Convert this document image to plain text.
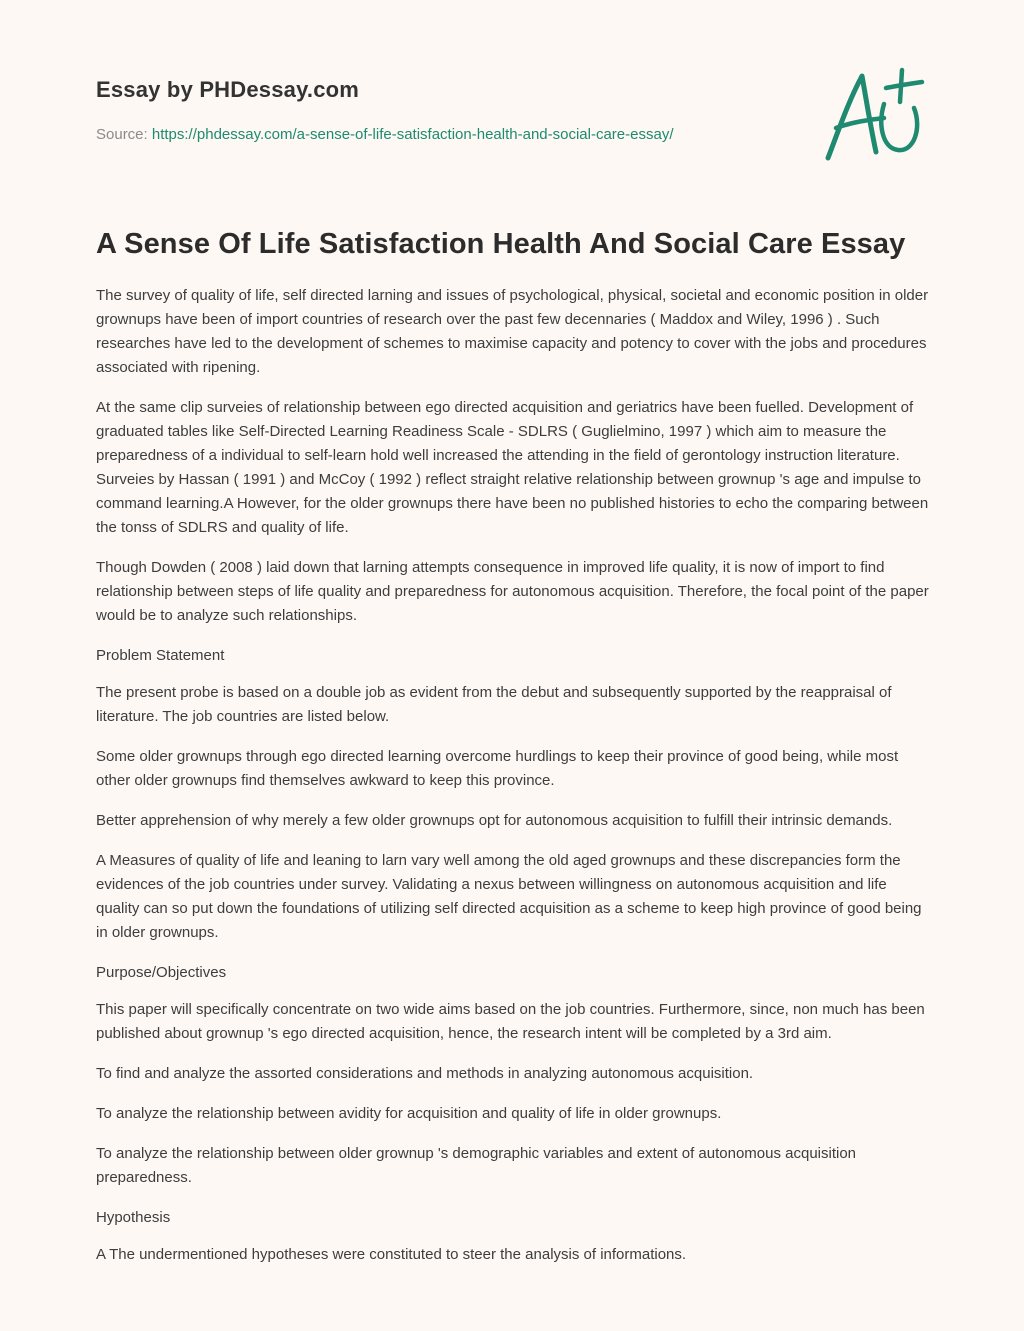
Essay by PHDessay.com
Source: https://phdessay.com/a-sense-of-life-satisfaction-health-and-social-care-essay/
A Sense Of Life Satisfaction Health And Social Care Essay

The survey of quality of life, self directed larning and issues of psychological, physical, societal and economic position in older grownups have been of import countries of research over the past few decennaries ( Maddox and Wiley, 1996 ) . Such researches have led to the development of schemes to maximise capacity and potency to cover with the jobs and procedures associated with ripening.

At the same clip surveies of relationship between ego directed acquisition and geriatrics have been fuelled. Development of graduated tables like Self-Directed Learning Readiness Scale - SDLRS ( Guglielmino, 1997 ) which aim to measure the preparedness of a individual to self-learn hold well increased the attending in the field of gerontology instruction literature. Surveies by Hassan ( 1991 ) and McCoy ( 1992 ) reflect straight relative relationship between grownup 's age and impulse to command learning.A However, for the older grownups there have been no published histories to echo the comparing between the tonss of SDLRS and quality of life.

Though Dowden ( 2008 ) laid down that larning attempts consequence in improved life quality, it is now of import to find relationship between steps of life quality and preparedness for autonomous acquisition. Therefore, the focal point of the paper would be to analyze such relationships.

Problem Statement

The present probe is based on a double job as evident from the debut and subsequently supported by the reappraisal of literature. The job countries are listed below.

Some older grownups through ego directed learning overcome hurdlings to keep their province of good being, while most other older grownups find themselves awkward to keep this province.

Better apprehension of why merely a few older grownups opt for autonomous acquisition to fulfill their intrinsic demands.

A Measures of quality of life and leaning to larn vary well among the old aged grownups and these discrepancies form the evidences of the job countries under survey. Validating a nexus between willingness on autonomous acquisition and life quality can so put down the foundations of utilizing self directed acquisition as a scheme to keep high province of good being in older grownups.

Purpose/Objectives

This paper will specifically concentrate on two wide aims based on the job countries. Furthermore, since, non much has been published about grownup 's ego directed acquisition, hence, the research intent will be completed by a 3rd aim.

To find and analyze the assorted considerations and methods in analyzing autonomous acquisition.

To analyze the relationship between avidity for acquisition and quality of life in older grownups.

To analyze the relationship between older grownup 's demographic variables and extent of autonomous acquisition preparedness.

Hypothesis

A The undermentioned hypotheses were constituted to steer the analysis of informations.
